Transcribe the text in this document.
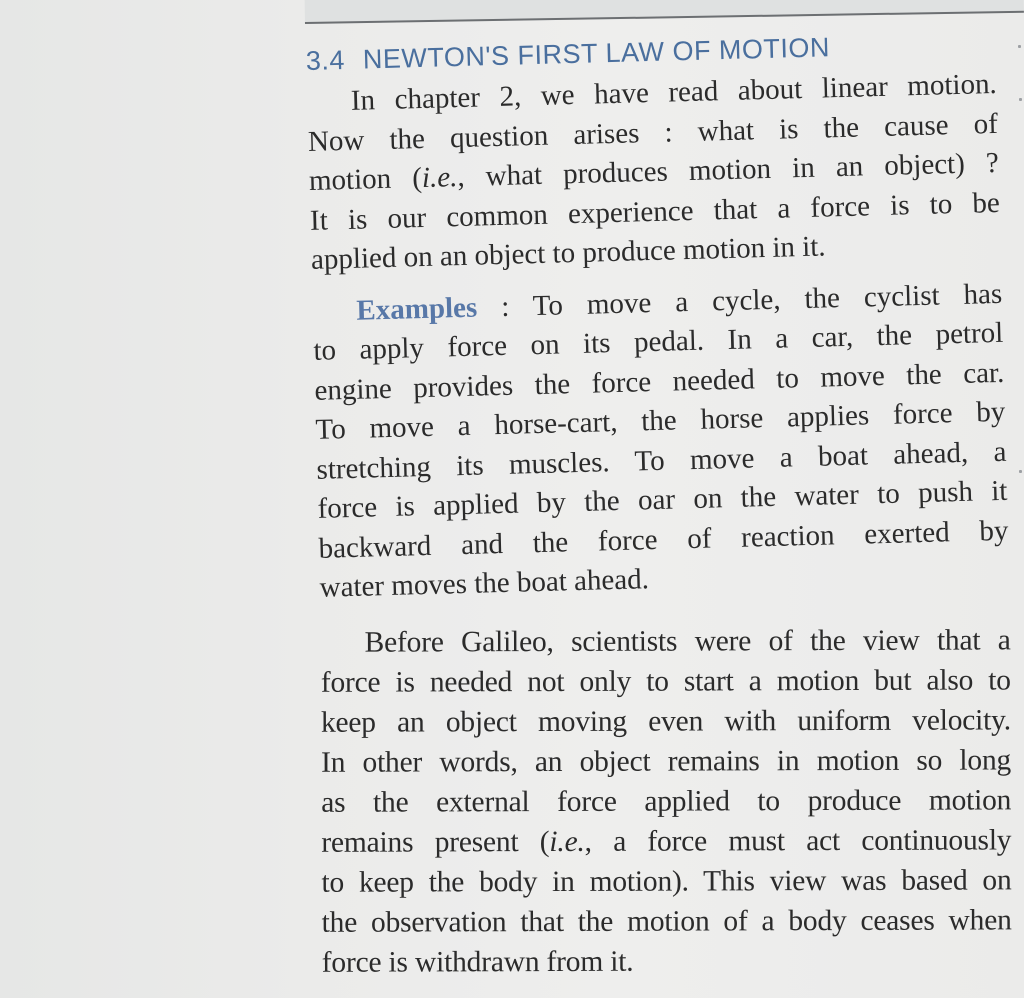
3.4 NEWTON'S FIRST LAW OF MOTION

In chapter 2, we have read about linear motion.
Now the question arises : what is the cause of
motion (i.e., what produces motion in an object) ?
It is our common experience that a force is to be
applied on an object to produce motion in it.

Examples : To move a cycle, the cyclist has
to apply force on its pedal. In a car, the petrol
engine provides the force needed to move the car.
To move a horse-cart, the horse applies force by
stretching its muscles. To move a boat ahead, a
force is applied by the oar on the water to push it
backward and the force of reaction exerted by
water moves the boat ahead.

Before Galileo, scientists were of the view that a
force is needed not only to start a motion but also to
keep an object moving even with uniform velocity.
In other words, an object remains in motion so long
as the external force applied to produce motion
remains present (i.e., a force must act continuously
to keep the body in motion). This view was based on
the observation that the motion of a body ceases when
force is withdrawn from it.
